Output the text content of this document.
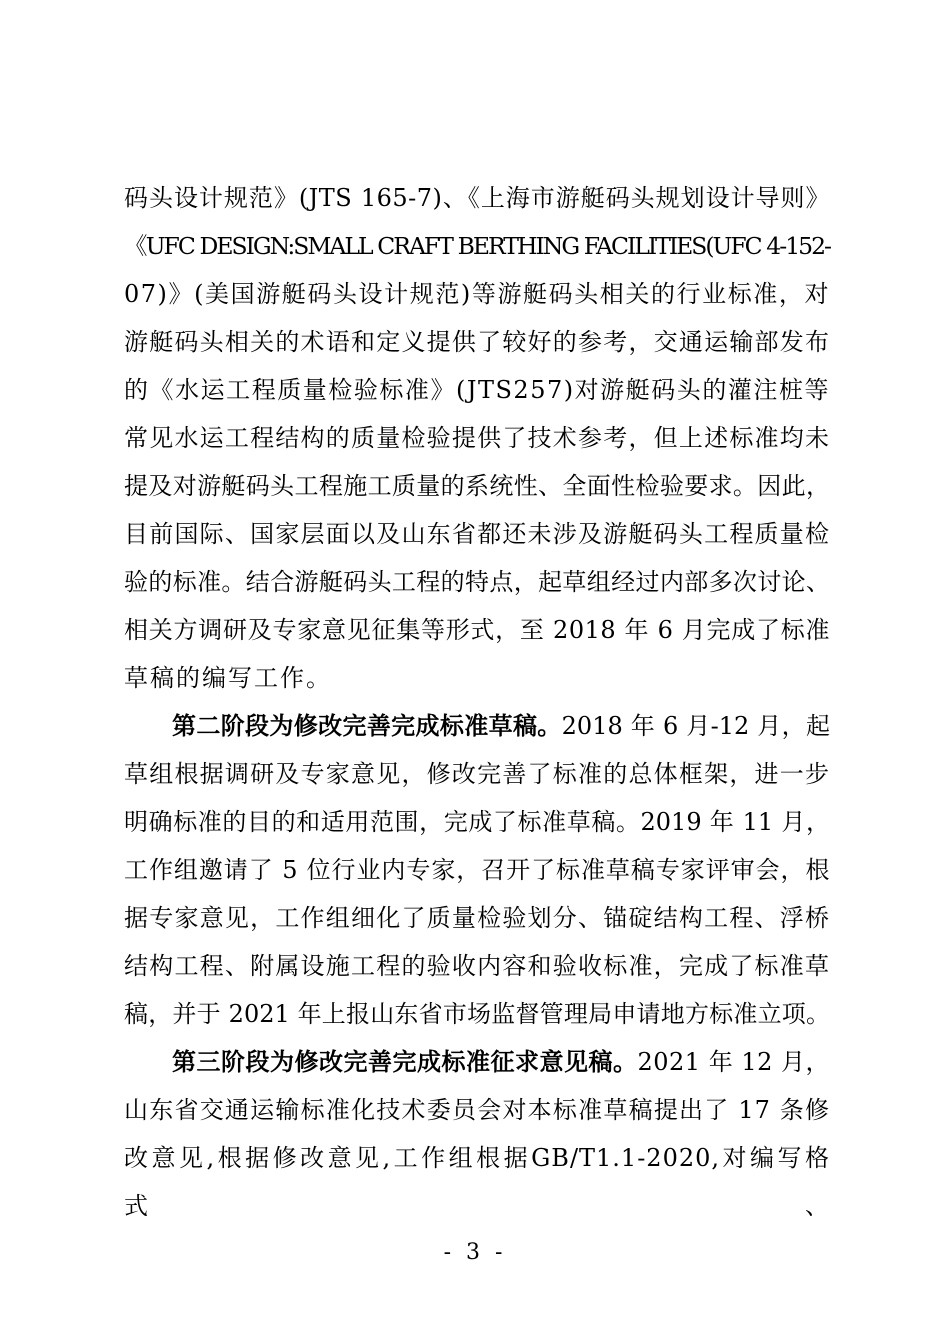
码头设计规范》(JTS 165-7)、《上海市游艇码头规划设计导则》
《UFC DESIGN:SMALL CRAFT BERTHING FACILITIES(UFC 4-152-
07)》(美国游艇码头设计规范)等游艇码头相关的行业标准，对
游艇码头相关的术语和定义提供了较好的参考，交通运输部发布
的《水运工程质量检验标准》(JTS257)对游艇码头的灌注桩等
常见水运工程结构的质量检验提供了技术参考，但上述标准均未
提及对游艇码头工程施工质量的系统性、全面性检验要求。因此，
目前国际、国家层面以及山东省都还未涉及游艇码头工程质量检
验的标准。结合游艇码头工程的特点，起草组经过内部多次讨论、
相关方调研及专家意见征集等形式，至 2018 年 6 月完成了标准
草稿的编写工作。
第二阶段为修改完善完成标准草稿。2018 年 6 月-12 月，起
草组根据调研及专家意见，修改完善了标准的总体框架，进一步
明确标准的目的和适用范围，完成了标准草稿。2019 年 11 月，
工作组邀请了 5 位行业内专家，召开了标准草稿专家评审会，根
据专家意见，工作组细化了质量检验划分、锚碇结构工程、浮桥
结构工程、附属设施工程的验收内容和验收标准，完成了标准草
稿，并于 2021 年上报山东省市场监督管理局申请地方标准立项。
第三阶段为修改完善完成标准征求意见稿。2021 年 12 月，
山东省交通运输标准化技术委员会对本标准草稿提出了 17 条修
改意见,根据修改意见,工作组根据GB/T1.1-2020,对编写格式、
- 3 -
